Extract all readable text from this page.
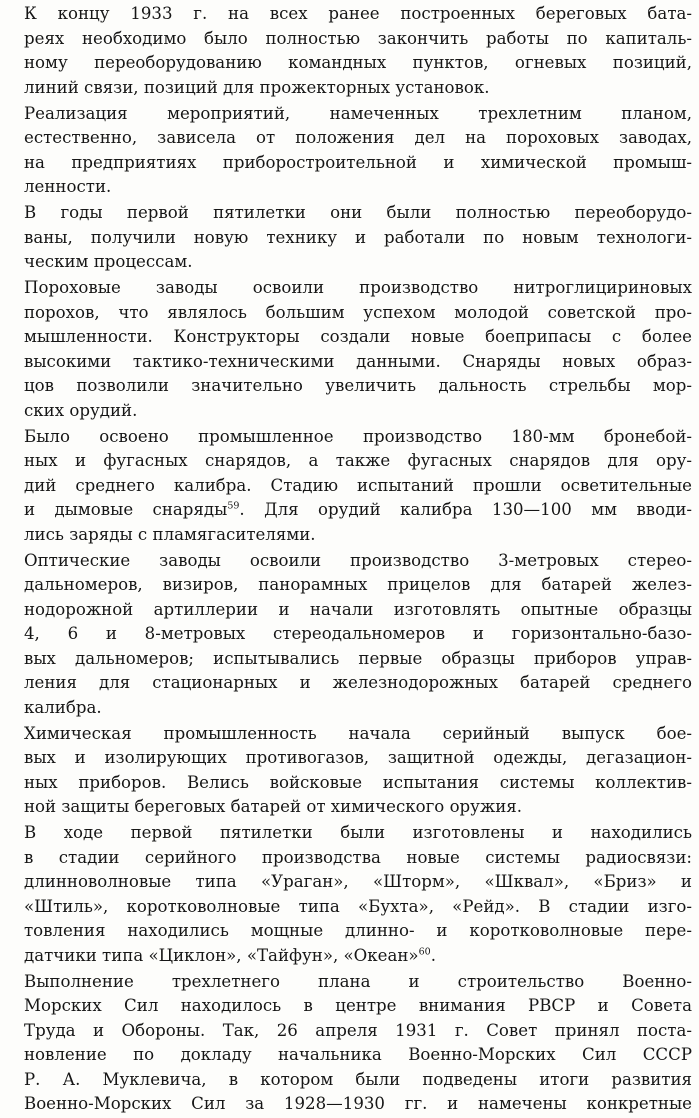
К концу 1933 г. на всех ранее построенных береговых бата-
реях необходимо было полностью закончить работы по капиталь-
ному переоборудованию командных пунктов, огневых позиций,
линий связи, позиций для прожекторных установок.
Реализация мероприятий, намеченных трехлетним планом,
естественно, зависела от положения дел на пороховых заводах,
на предприятиях приборостроительной и химической промыш-
ленности.
В годы первой пятилетки они были полностью переоборудо-
ваны, получили новую технику и работали по новым технологи-
ческим процессам.
Пороховые заводы освоили производство нитроглицириновых
порохов, что являлось большим успехом молодой советской про-
мышленности. Конструкторы создали новые боеприпасы с более
высокими тактико-техническими данными. Снаряды новых образ-
цов позволили значительно увеличить дальность стрельбы мор-
ских орудий.
Было освоено промышленное производство 180-мм бронебой-
ных и фугасных снарядов, а также фугасных снарядов для ору-
дий среднего калибра. Стадию испытаний прошли осветительные
и дымовые снаряды$^{59}$. Для орудий калибра 130—100 мм вводи-
лись заряды с пламягасителями.
Оптические заводы освоили производство 3-метровых стерео-
дальномеров, визиров, панорамных прицелов для батарей желез-
нодорожной артиллерии и начали изготовлять опытные образцы
4, 6 и 8-метровых стереодальномеров и горизонтально-базо-
вых дальномеров; испытывались первые образцы приборов управ-
ления для стационарных и железнодорожных батарей среднего
калибра.
Химическая промышленность начала серийный выпуск бое-
вых и изолирующих противогазов, защитной одежды, дегазацион-
ных приборов. Велись войсковые испытания системы коллектив-
ной защиты береговых батарей от химического оружия.
В ходе первой пятилетки были изготовлены и находились
в стадии серийного производства новые системы радиосвязи:
длинноволновые типа «Ураган», «Шторм», «Шквал», «Бриз» и
«Штиль», коротковолновые типа «Бухта», «Рейд». В стадии изго-
товления находились мощные длинно- и коротковолновые пере-
датчики типа «Циклон», «Тайфун», «Океан»$^{60}$.
Выполнение трехлетнего плана и строительство Военно-
Морских Сил находилось в центре внимания РВСР и Совета
Труда и Обороны. Так, 26 апреля 1931 г. Совет принял поста-
новление по докладу начальника Военно-Морских Сил СССР
Р. А. Муклевича, в котором были подведены итоги развития
Военно-Морских Сил за 1928—1930 гг. и намечены конкретные
